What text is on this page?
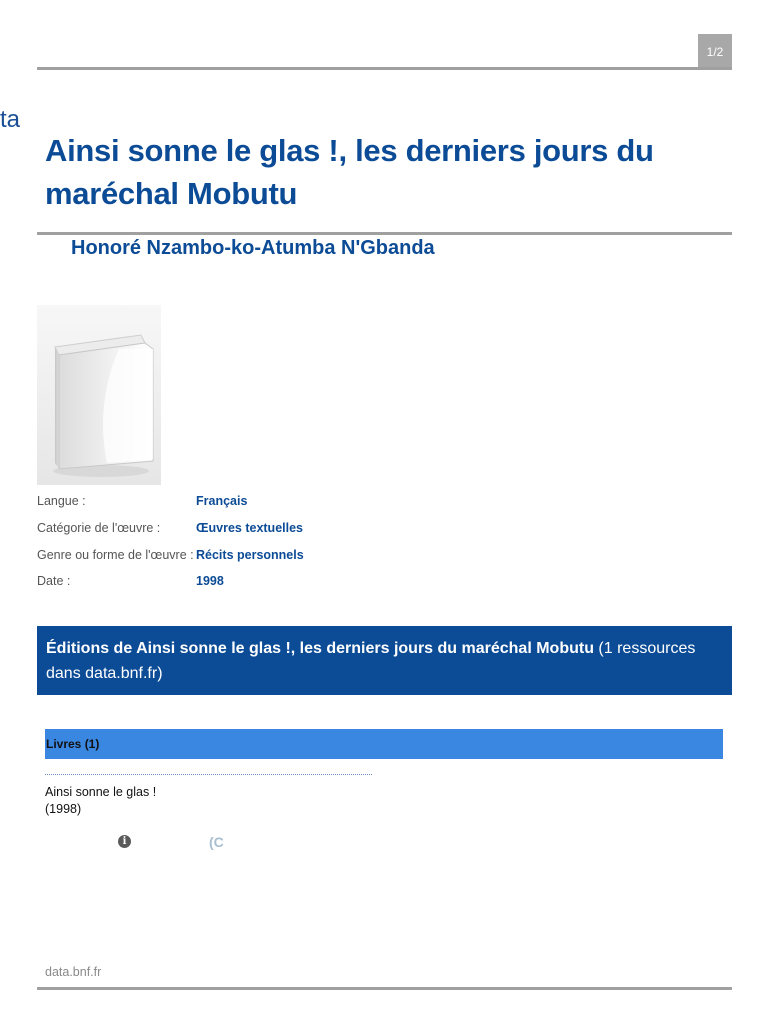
1/2
ta
Ainsi sonne le glas !, les derniers jours du maréchal Mobutu
Honoré Nzambo-ko-Atumba N'Gbanda
Langue :	Français
Catégorie de l'œuvre :	Œuvres textuelles
Genre ou forme de l'œuvre : Récits personnels
Date :	1998
Éditions de Ainsi sonne le glas !, les derniers jours du maréchal Mobutu (1 ressources dans data.bnf.fr)
Livres (1)
Ainsi sonne le glas !
(1998)
i	(C
data.bnf.fr
